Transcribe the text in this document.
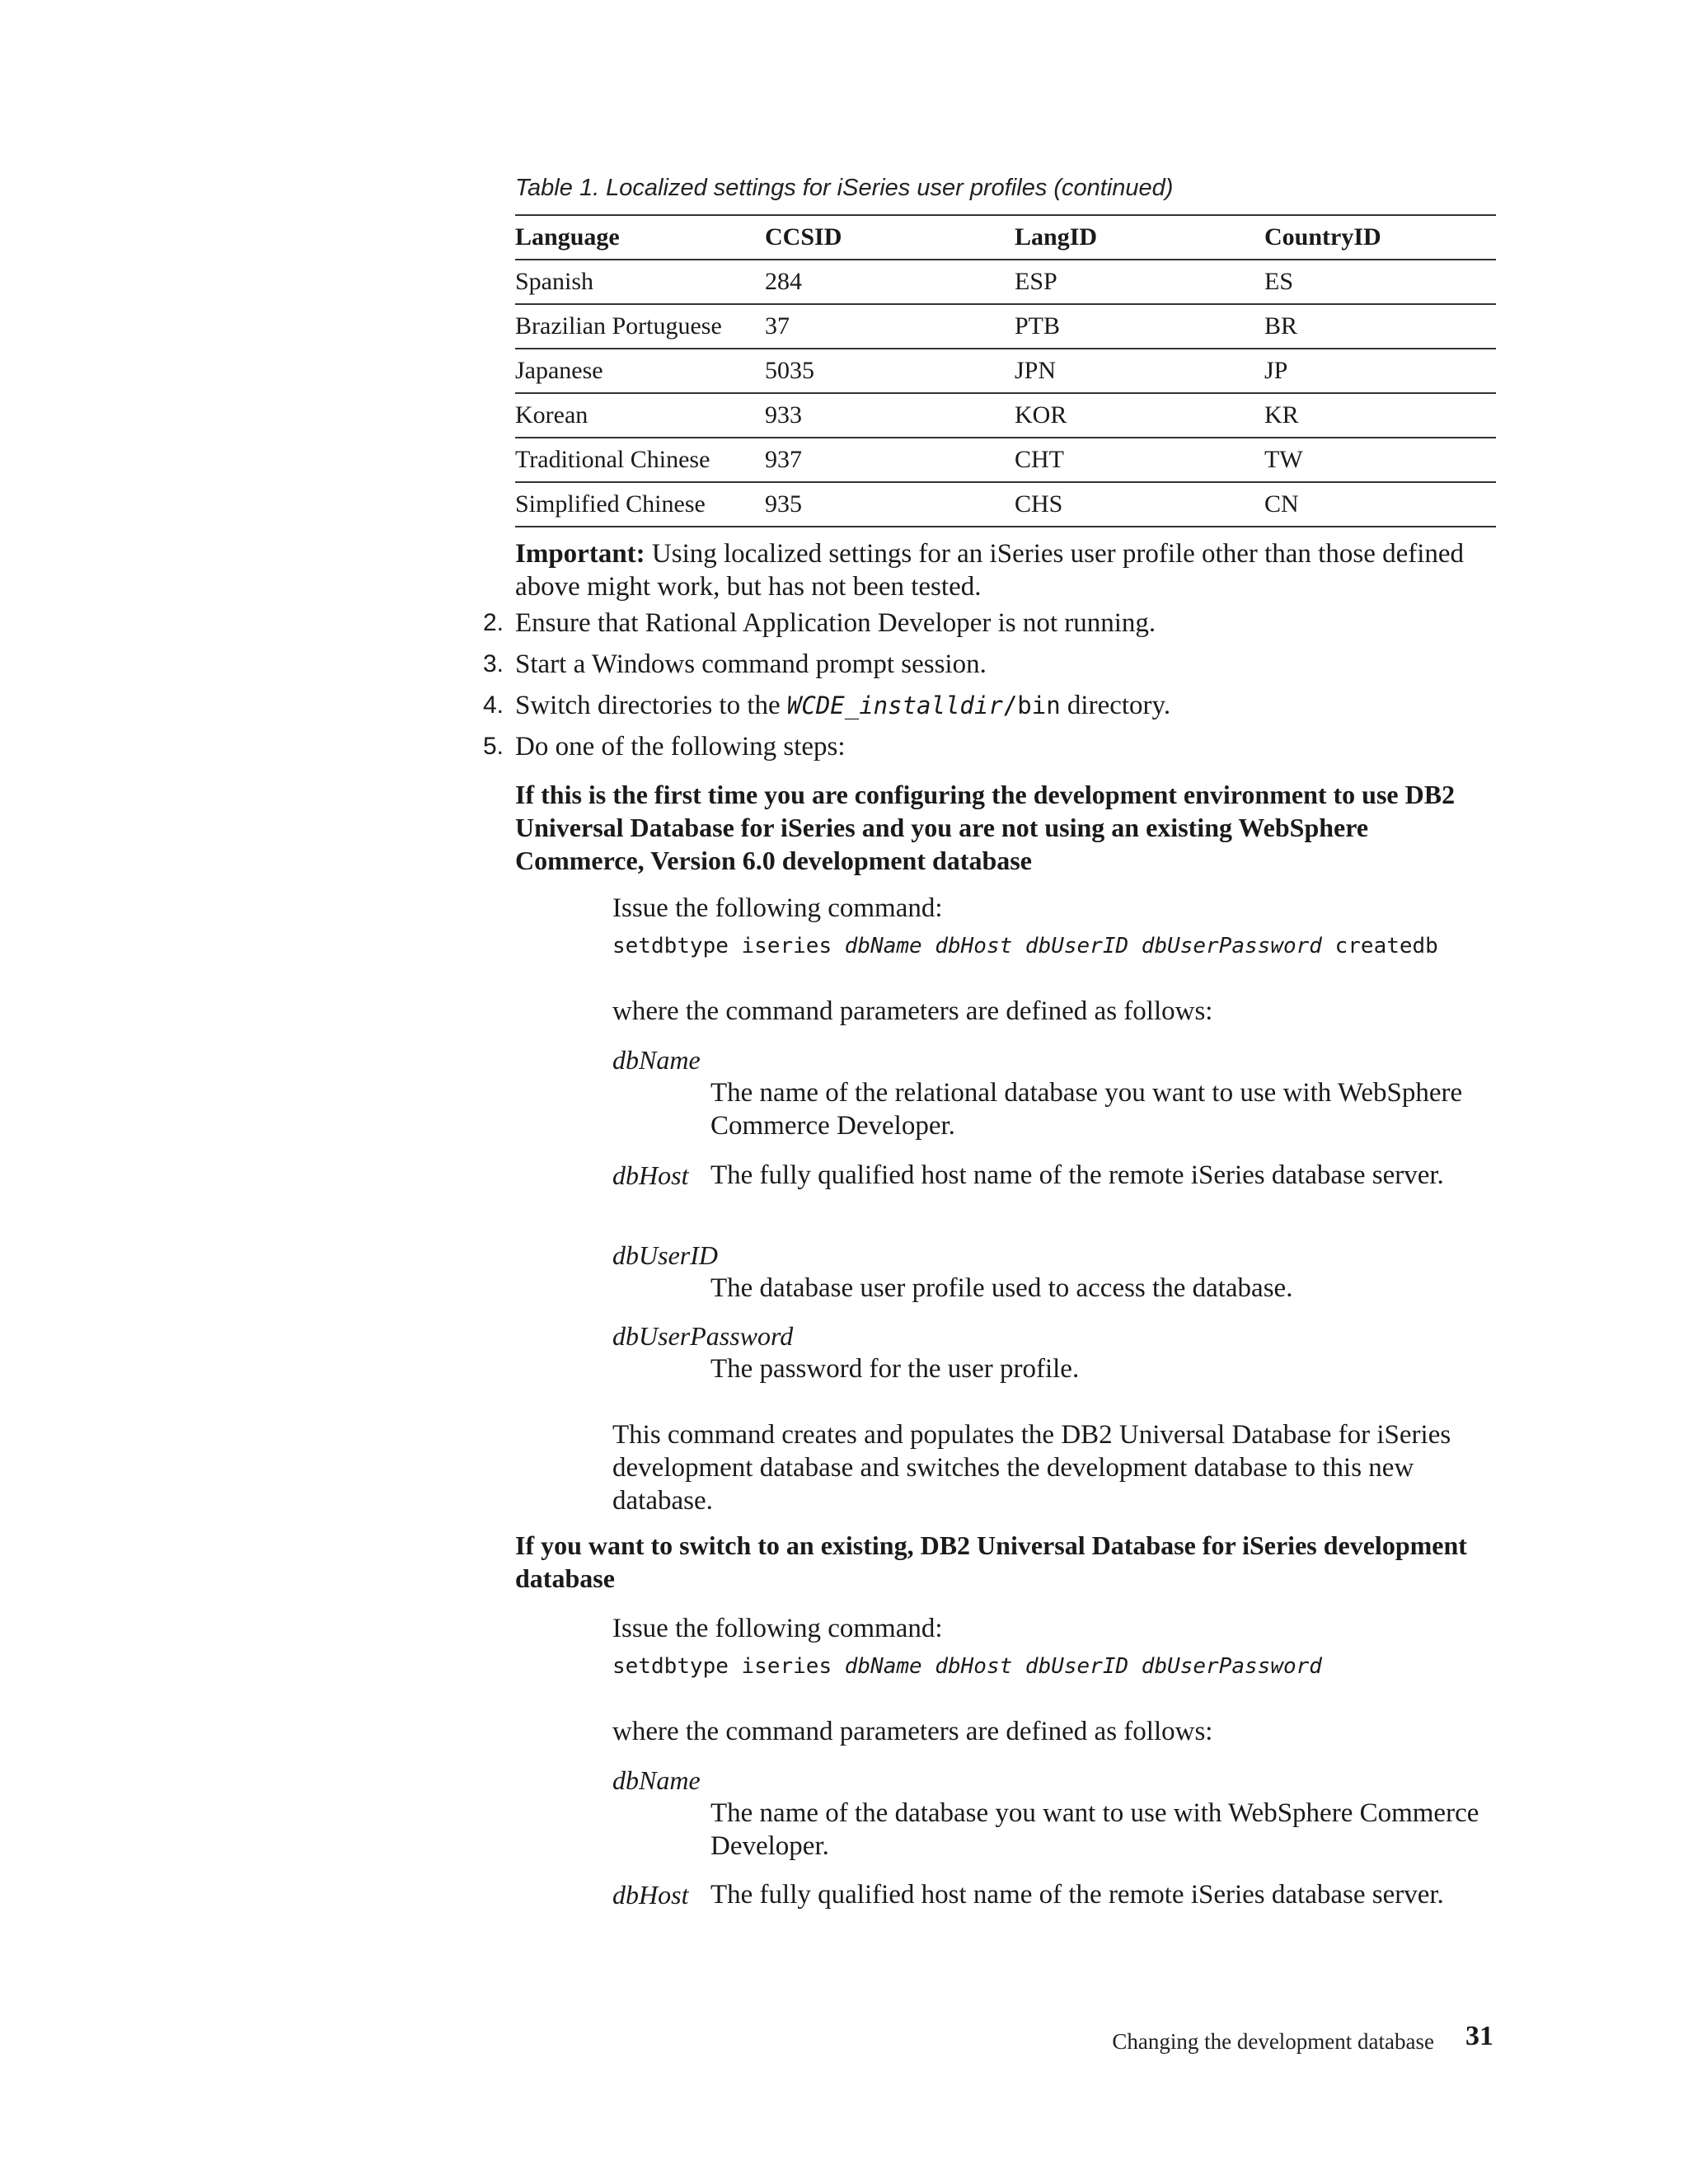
Table 1. Localized settings for iSeries user profiles (continued)
Language	CCSID	LangID	CountryID
Spanish	284	ESP	ES
Brazilian Portuguese	37	PTB	BR
Japanese	5035	JPN	JP
Korean	933	KOR	KR
Traditional Chinese	937	CHT	TW
Simplified Chinese	935	CHS	CN
Important: Using localized settings for an iSeries user profile other than those defined above might work, but has not been tested.
2. Ensure that Rational Application Developer is not running.
3. Start a Windows command prompt session.
4. Switch directories to the WCDE_installdir/bin directory.
5. Do one of the following steps:
If this is the first time you are configuring the development environment to use DB2 Universal Database for iSeries and you are not using an existing WebSphere Commerce, Version 6.0 development database
Issue the following command:
setdbtype iseries dbName dbHost dbUserID dbUserPassword createdb
where the command parameters are defined as follows:
dbName
The name of the relational database you want to use with WebSphere Commerce Developer.
dbHost The fully qualified host name of the remote iSeries database server.
dbUserID
The database user profile used to access the database.
dbUserPassword
The password for the user profile.
This command creates and populates the DB2 Universal Database for iSeries development database and switches the development database to this new database.
If you want to switch to an existing, DB2 Universal Database for iSeries development database
Issue the following command:
setdbtype iseries dbName dbHost dbUserID dbUserPassword
where the command parameters are defined as follows:
dbName
The name of the database you want to use with WebSphere Commerce Developer.
dbHost The fully qualified host name of the remote iSeries database server.
Changing the development database 31
